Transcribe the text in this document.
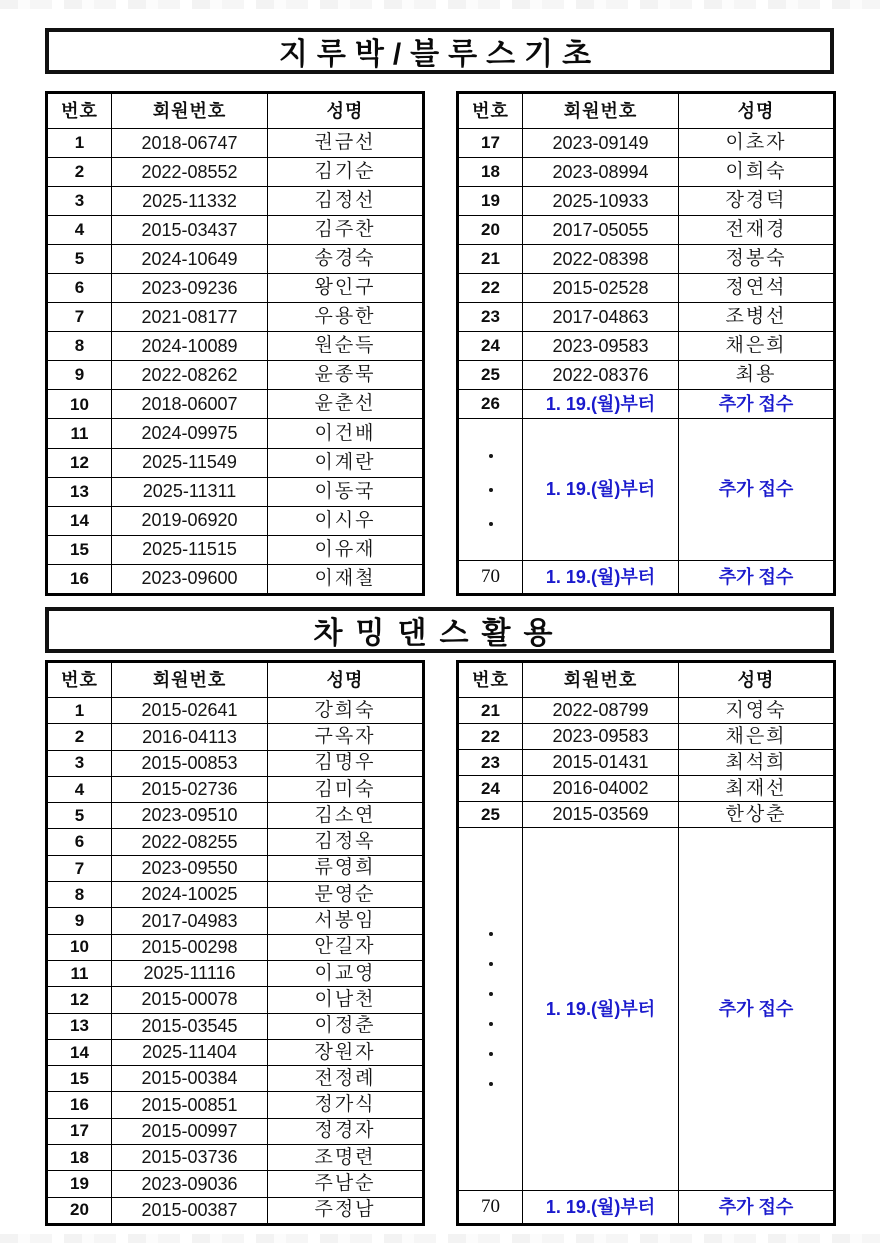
지루박/블루스기초
번호	회원번호	성명
1	2018-06747	권금선
2	2022-08552	김기순
3	2025-11332	김정선
4	2015-03437	김주찬
5	2024-10649	송경숙
6	2023-09236	왕인구
7	2021-08177	우용한
8	2024-10089	원순득
9	2022-08262	윤종묵
10	2018-06007	윤춘선
11	2024-09975	이건배
12	2025-11549	이계란
13	2025-11311	이동국
14	2019-06920	이시우
15	2025-11515	이유재
16	2023-09600	이재철
번호	회원번호	성명
17	2023-09149	이초자
18	2023-08994	이희숙
19	2025-10933	장경덕
20	2017-05055	전재경
21	2022-08398	정봉숙
22	2015-02528	정연석
23	2017-04863	조병선
24	2023-09583	채은희
25	2022-08376	최용
26	1. 19.(월)부터	추가 접수

	1. 19.(월)부터	추가 접수
70	1. 19.(월)부터	추가 접수
차밍댄스활용
번호	회원번호	성명
1	2015-02641	강희숙
2	2016-04113	구옥자
3	2015-00853	김명우
4	2015-02736	김미숙
5	2023-09510	김소연
6	2022-08255	김정옥
7	2023-09550	류영희
8	2024-10025	문영순
9	2017-04983	서봉임
10	2015-00298	안길자
11	2025-11116	이교영
12	2015-00078	이남천
13	2015-03545	이정춘
14	2025-11404	장원자
15	2015-00384	전정례
16	2015-00851	정가식
17	2015-00997	정경자
18	2015-03736	조명련
19	2023-09036	주남순
20	2015-00387	주정남
번호	회원번호	성명
21	2022-08799	지영숙
22	2023-09583	채은희
23	2015-01431	최석희
24	2016-04002	최재선
25	2015-03569	한상춘

	1. 19.(월)부터	추가 접수
70	1. 19.(월)부터	추가 접수
